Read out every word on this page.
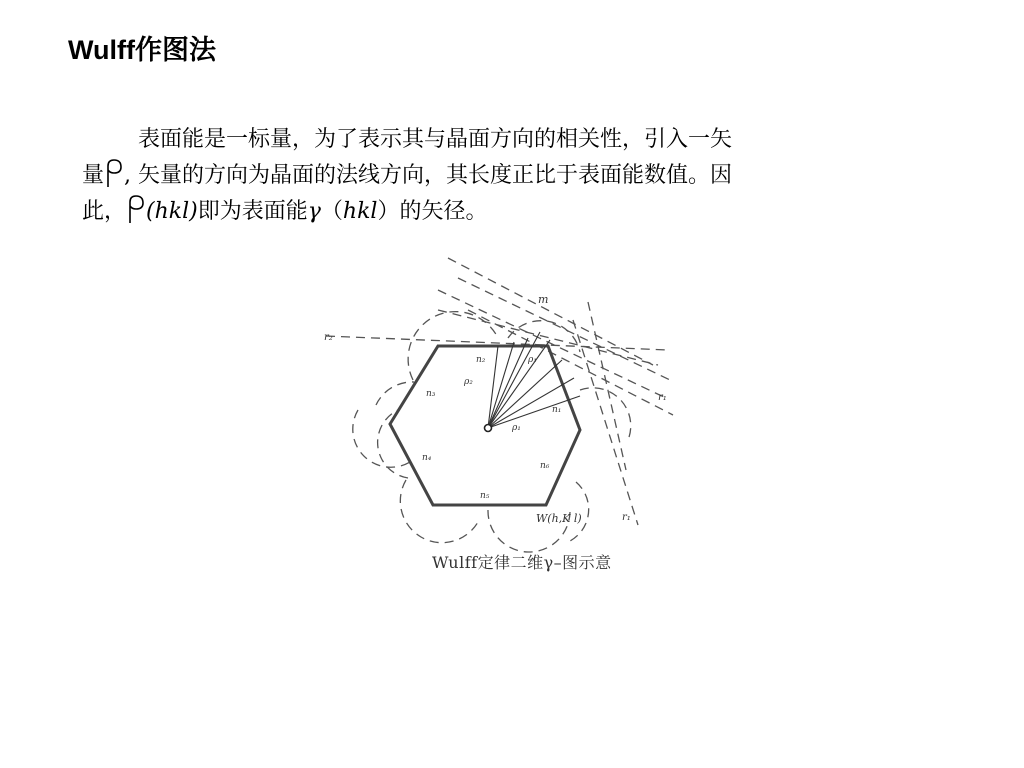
Wulff作图法
表面能是一标量，为了表示其与晶面方向的相关性，引入一矢
量 , 矢量的方向为晶面的法线方向，其长度正比于表面能数值。因
此， (hkl)即为表面能γ（hkl）的矢径。
m
r₂
r₁
r₁
n₂	ρ₁
ρ₂
n₃
n₁
ρ₁
n₄
n₆
n₅
W(h,K l)
Wulff定律二维γ–图示意
